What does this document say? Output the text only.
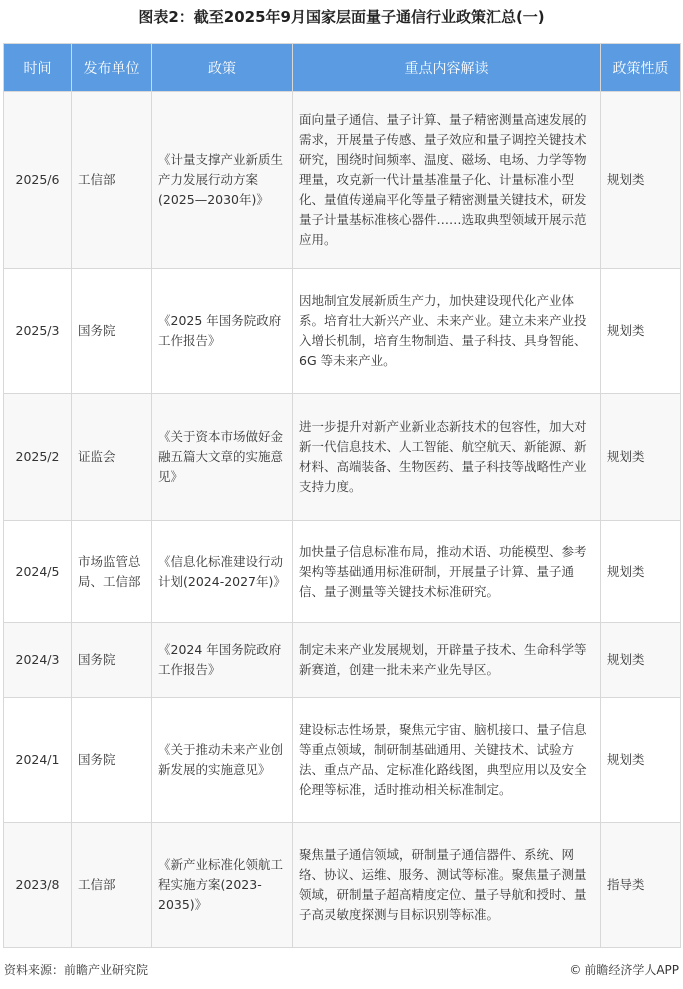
图表2：截至2025年9月国家层面量子通信行业政策汇总(一)
时间	发布单位	政策	重点内容解读	政策性质
2025/6	工信部	《计量支撑产业新质生产力发展行动方案(2025—2030年)》	面向量子通信、量子计算、量子精密测量高速发展的需求，开展量子传感、量子效应和量子调控关键技术研究，围绕时间频率、温度、磁场、电场、力学等物理量，攻克新一代计量基准量子化、计量标准小型化、量值传递扁平化等量子精密测量关键技术，研发量子计量基标准核心器件……选取典型领域开展示范应用。	规划类
2025/3	国务院	《2025 年国务院政府工作报告》	因地制宜发展新质生产力，加快建设现代化产业体系。培育壮大新兴产业、未来产业。建立未来产业投入增长机制，培育生物制造、量子科技、具身智能、6G 等未来产业。	规划类
2025/2	证监会	《关于资本市场做好金融五篇大文章的实施意见》	进一步提升对新产业新业态新技术的包容性，加大对新一代信息技术、人工智能、航空航天、新能源、新材料、高端装备、生物医药、量子科技等战略性产业支持力度。	规划类
2024/5	市场监管总局、工信部	《信息化标准建设行动计划(2024-2027年)》	加快量子信息标准布局，推动术语、功能模型、参考架构等基础通用标准研制，开展量子计算、量子通信、量子测量等关键技术标准研究。	规划类
2024/3	国务院	《2024 年国务院政府工作报告》	制定未来产业发展规划，开辟量子技术、生命科学等新赛道，创建一批未来产业先导区。	规划类
2024/1	国务院	《关于推动未来产业创新发展的实施意见》	建设标志性场景，聚焦元宇宙、脑机接口、量子信息等重点领域，制研制基础通用、关键技术、试验方法、重点产品、定标准化路线图，典型应用以及安全伦理等标准，适时推动相关标准制定。	规划类
2023/8	工信部	《新产业标准化领航工程实施方案(2023-2035)》	聚焦量子通信领域，研制量子通信器件、系统、网络、协议、运维、服务、测试等标准。聚焦量子测量领域，研制量子超高精度定位、量子导航和授时、量子高灵敏度探测与目标识别等标准。	指导类
资料来源：前瞻产业研究院	© 前瞻经济学人APP
